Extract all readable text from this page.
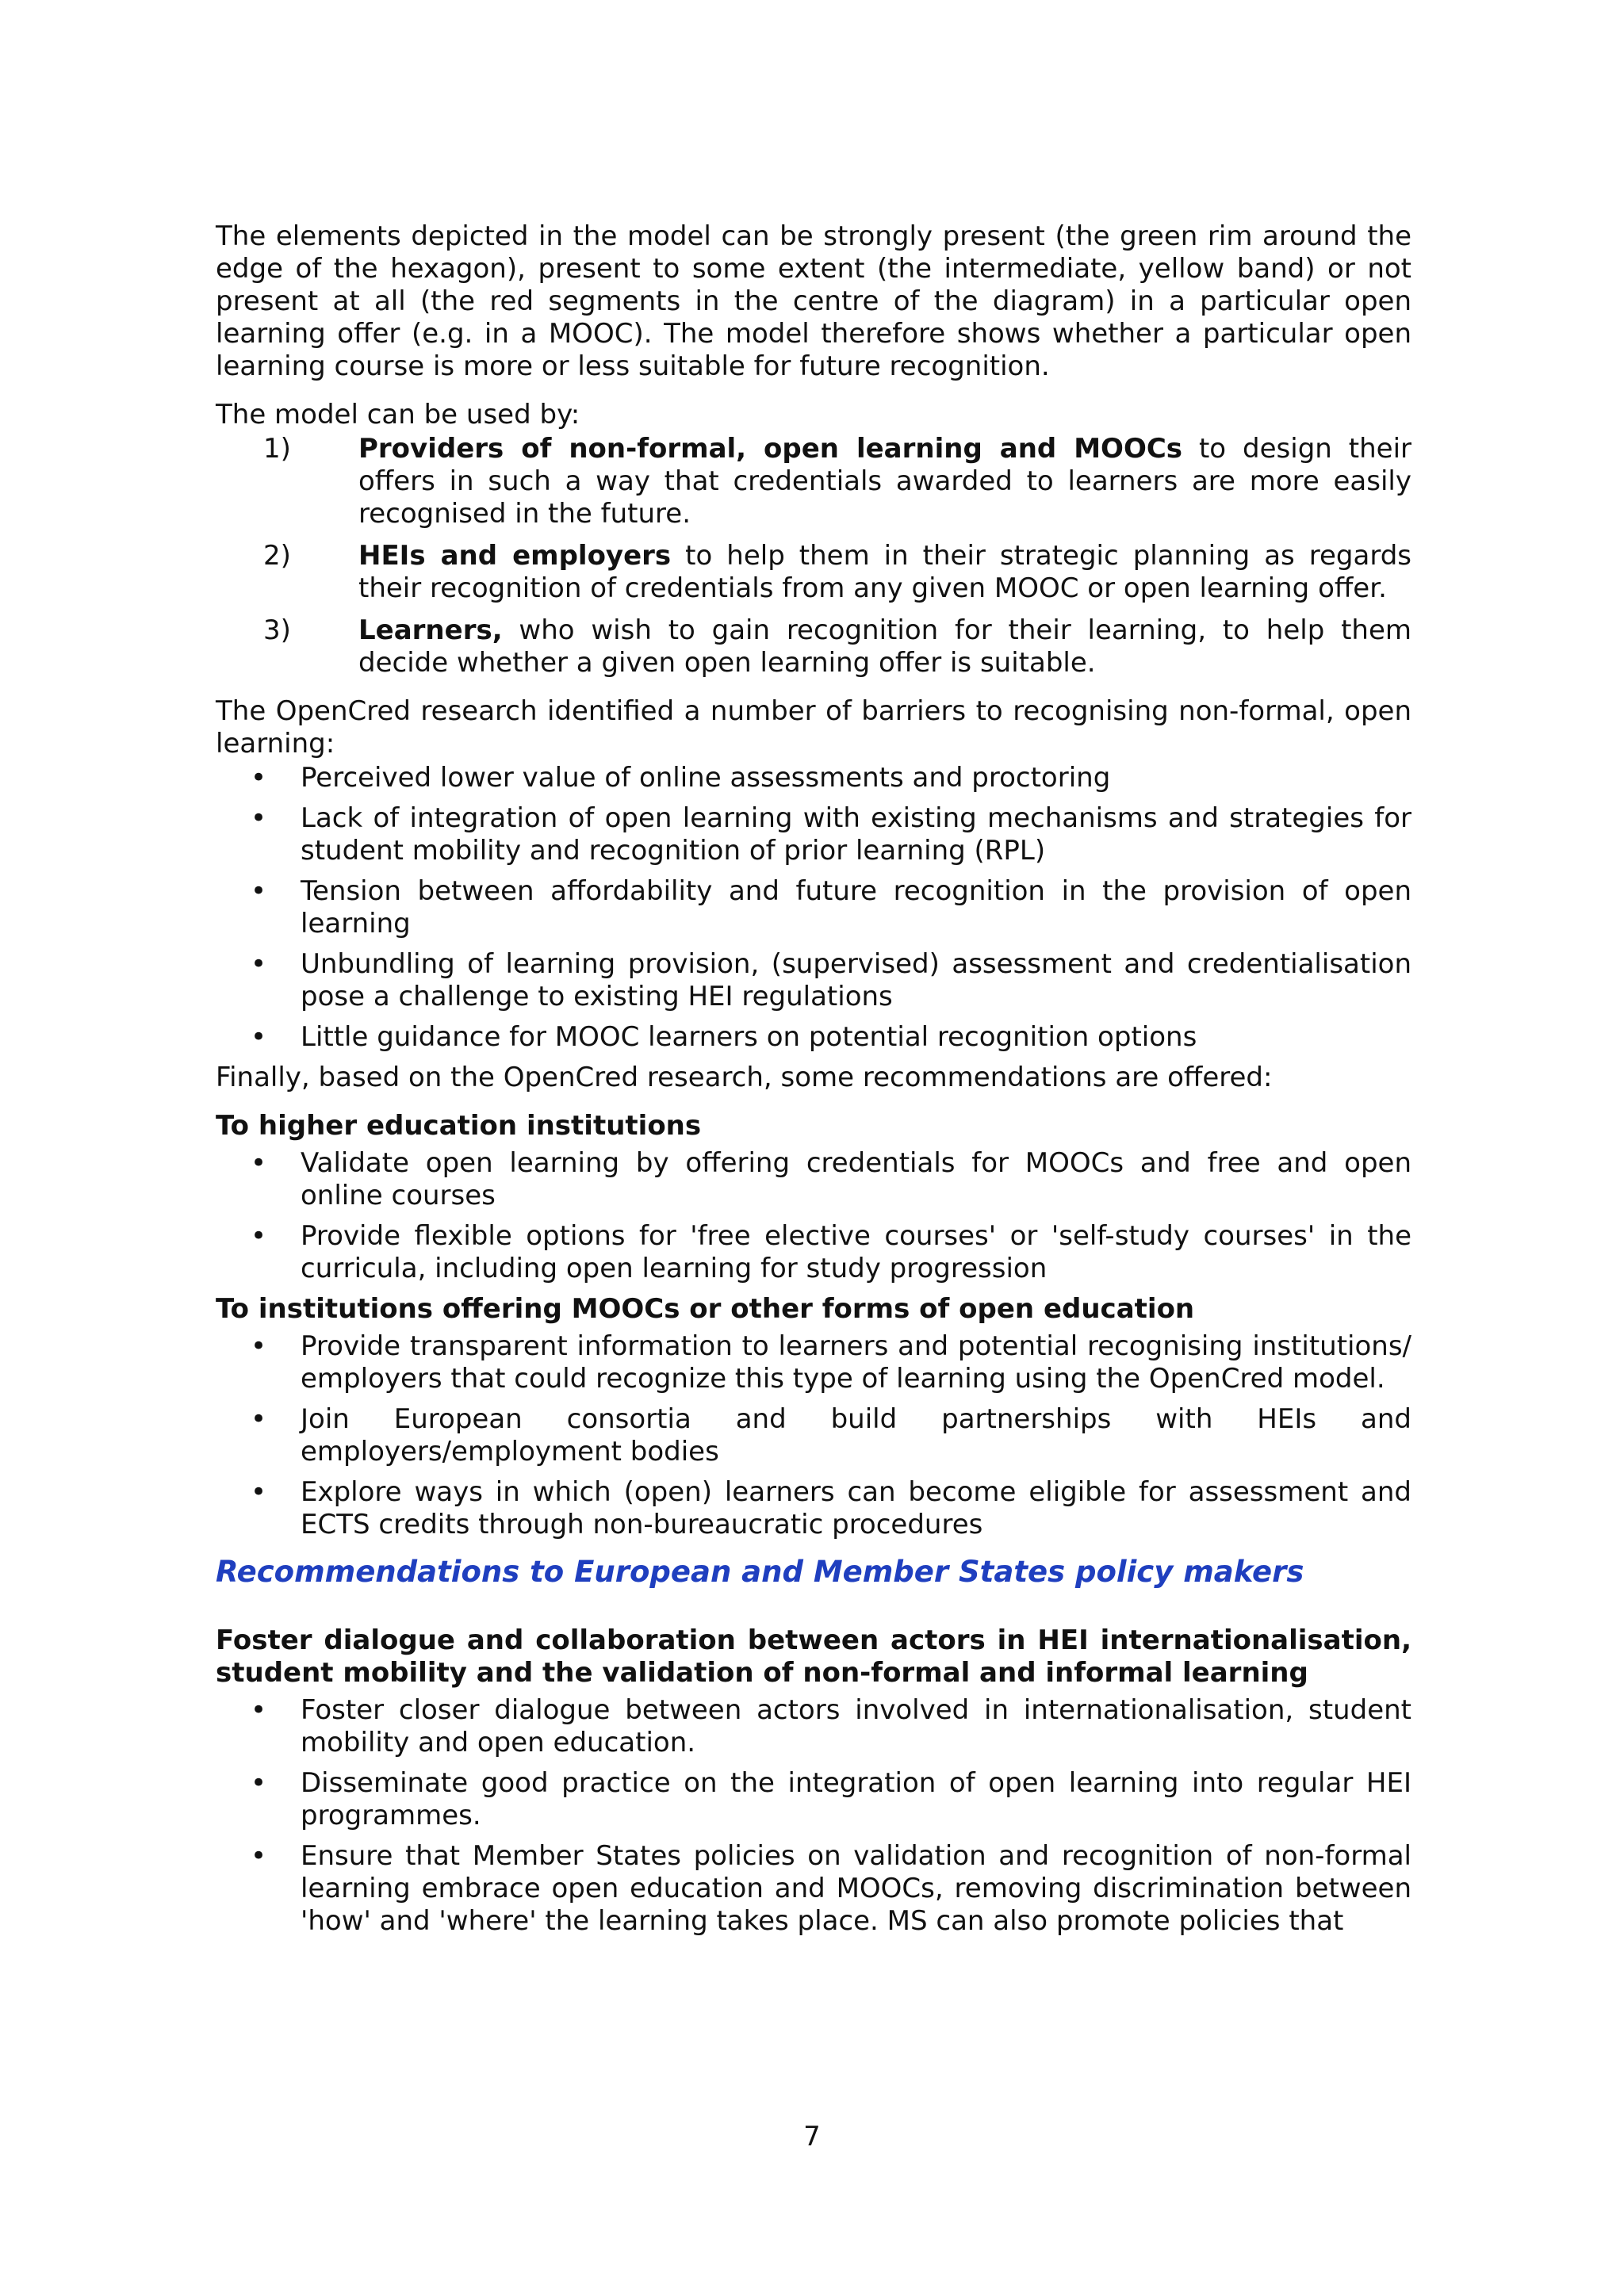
The elements depicted in the model can be strongly present (the green rim around the edge of the hexagon), present to some extent (the intermediate, yellow band) or not present at all (the red segments in the centre of the diagram) in a particular open learning offer (e.g. in a MOOC). The model therefore shows whether a particular open learning course is more or less suitable for future recognition.

The model can be used by:

1)	Providers of non-formal, open learning and MOOCs to design their offers in such a way that credentials awarded to learners are more easily recognised in the future.
2)	HEIs and employers to help them in their strategic planning as regards their recognition of credentials from any given MOOC or open learning offer.
3)	Learners, who wish to gain recognition for their learning, to help them decide whether a given open learning offer is suitable.

The OpenCred research identified a number of barriers to recognising non-formal, open learning:

• Perceived lower value of online assessments and proctoring
• Lack of integration of open learning with existing mechanisms and strategies for student mobility and recognition of prior learning (RPL)
• Tension between affordability and future recognition in the provision of open learning
• Unbundling of learning provision, (supervised) assessment and credentialisation pose a challenge to existing HEI regulations
• Little guidance for MOOC learners on potential recognition options

Finally, based on the OpenCred research, some recommendations are offered:

To higher education institutions

• Validate open learning by offering credentials for MOOCs and free and open online courses
• Provide flexible options for 'free elective courses' or 'self-study courses' in the curricula, including open learning for study progression

To institutions offering MOOCs or other forms of open education

• Provide transparent information to learners and potential recognising institutions/ employers that could recognize this type of learning using the OpenCred model.
• Join European consortia and build partnerships with HEIs and employers/employment bodies
• Explore ways in which (open) learners can become eligible for assessment and ECTS credits through non-bureaucratic procedures
Recommendations to European and Member States policy makers

Foster dialogue and collaboration between actors in HEI internationalisation, student mobility and the validation of non-formal and informal learning

• Foster closer dialogue between actors involved in internationalisation, student mobility and open education.
• Disseminate good practice on the integration of open learning into regular HEI programmes.
• Ensure that Member States policies on validation and recognition of non-formal learning embrace open education and MOOCs, removing discrimination between 'how' and 'where' the learning takes place. MS can also promote policies that
7
